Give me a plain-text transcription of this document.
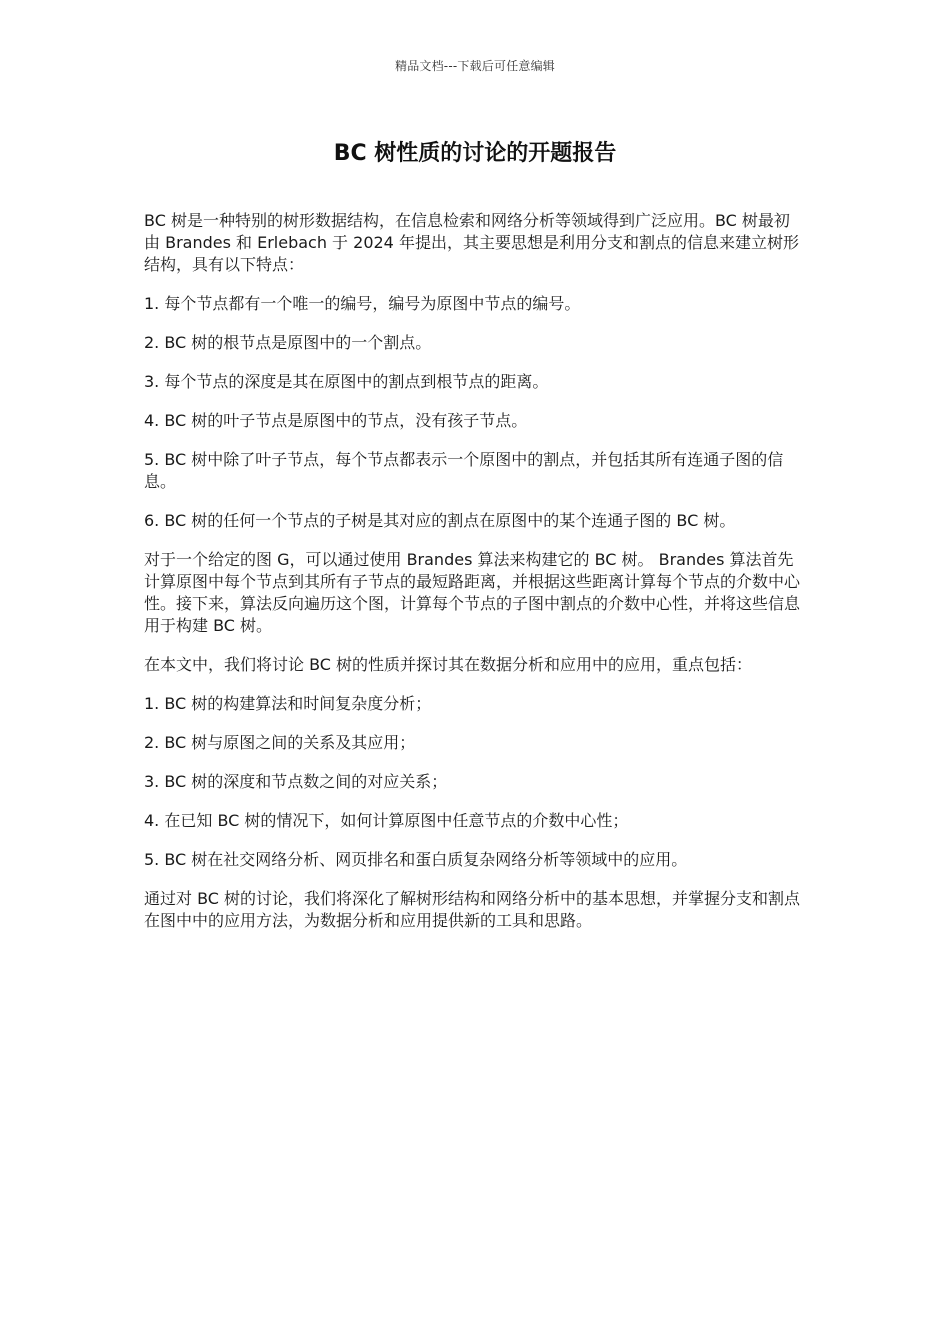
精品文档---下载后可任意编辑
BC 树性质的讨论的开题报告

BC 树是一种特别的树形数据结构，在信息检索和网络分析等领域得到广泛应用。BC 树最初由 Brandes 和 Erlebach 于 2024 年提出，其主要思想是利用分支和割点的信息来建立树形结构，具有以下特点：

1. 每个节点都有一个唯一的编号，编号为原图中节点的编号。

2. BC 树的根节点是原图中的一个割点。

3. 每个节点的深度是其在原图中的割点到根节点的距离。

4. BC 树的叶子节点是原图中的节点，没有孩子节点。

5. BC 树中除了叶子节点，每个节点都表示一个原图中的割点，并包括其所有连通子图的信息。

6. BC 树的任何一个节点的子树是其对应的割点在原图中的某个连通子图的 BC 树。

对于一个给定的图 G，可以通过使用 Brandes 算法来构建它的 BC 树。 Brandes 算法首先计算原图中每个节点到其所有子节点的最短路距离，并根据这些距离计算每个节点的介数中心性。接下来，算法反向遍历这个图，计算每个节点的子图中割点的介数中心性，并将这些信息用于构建 BC 树。

在本文中，我们将讨论 BC 树的性质并探讨其在数据分析和应用中的应用，重点包括：

1. BC 树的构建算法和时间复杂度分析；

2. BC 树与原图之间的关系及其应用；

3. BC 树的深度和节点数之间的对应关系；

4. 在已知 BC 树的情况下，如何计算原图中任意节点的介数中心性；

5. BC 树在社交网络分析、网页排名和蛋白质复杂网络分析等领域中的应用。

通过对 BC 树的讨论，我们将深化了解树形结构和网络分析中的基本思想，并掌握分支和割点在图中中的应用方法，为数据分析和应用提供新的工具和思路。
